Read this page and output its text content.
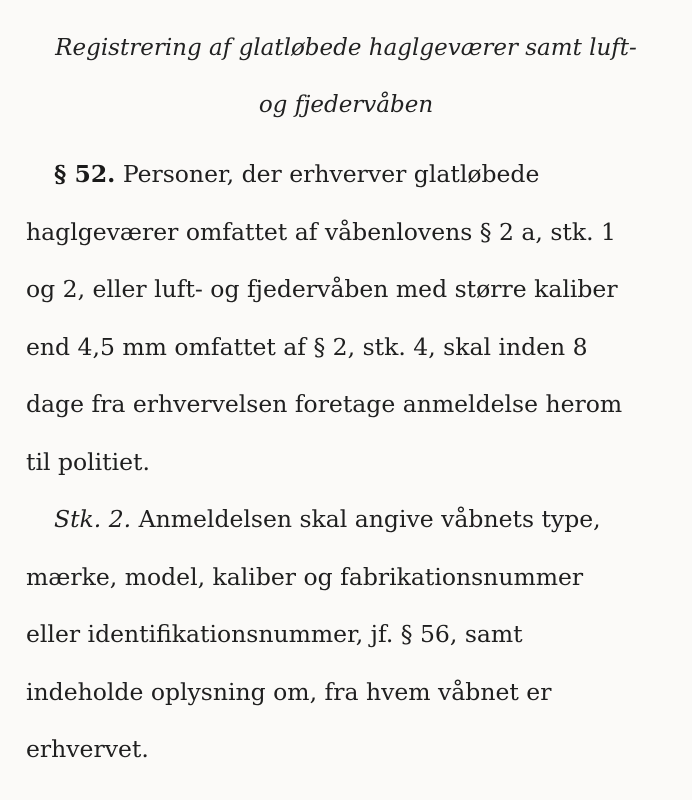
Registrering af glatløbede haglgeværer samt luft-
og fjedervåben

§ 52. Personer, der erhverver glatløbede
haglgeværer omfattet af våbenlovens § 2 a, stk. 1
og 2, eller luft- og fjedervåben med større kaliber
end 4,5 mm omfattet af § 2, stk. 4, skal inden 8
dage fra erhvervelsen foretage anmeldelse herom
til politiet.

Stk. 2. Anmeldelsen skal angive våbnets type,
mærke, model, kaliber og fabrikationsnummer
eller identifikationsnummer, jf. § 56, samt
indeholde oplysning om, fra hvem våbnet er
erhvervet.
